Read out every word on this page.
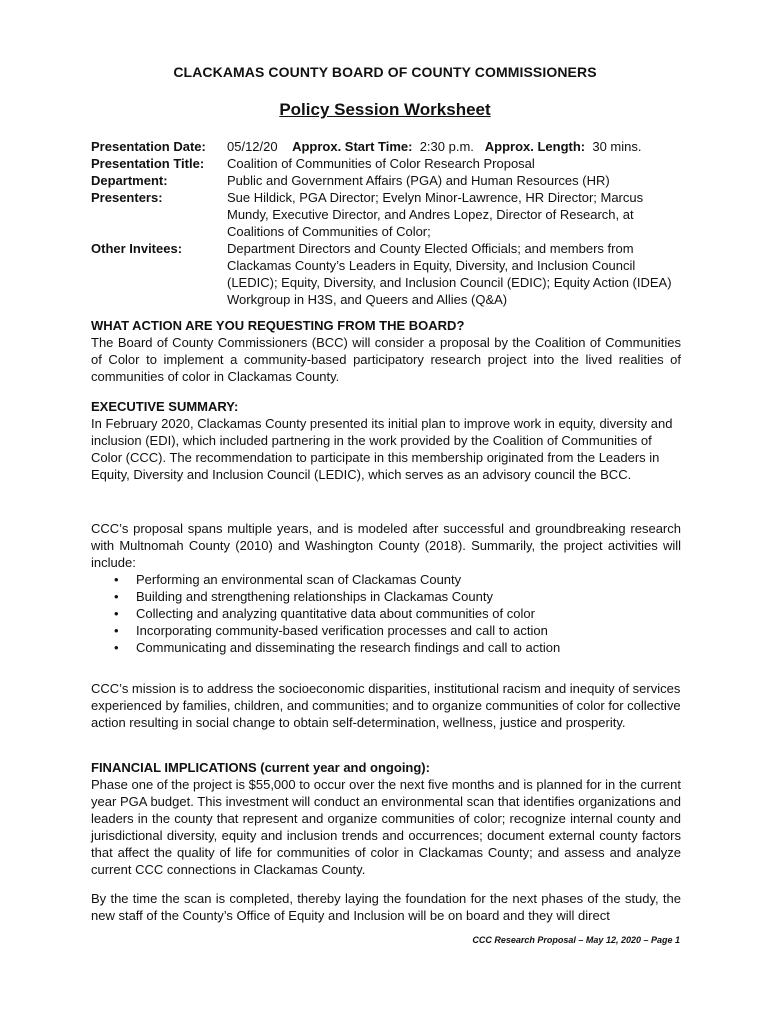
CLACKAMAS COUNTY BOARD OF COUNTY COMMISSIONERS
Policy Session Worksheet
Presentation Date: 05/12/20 Approx. Start Time: 2:30 p.m. Approx. Length: 30 mins.
Presentation Title: Coalition of Communities of Color Research Proposal
Department:	Public and Government Affairs (PGA) and Human Resources (HR)
Presenters:	Sue Hildick, PGA Director; Evelyn Minor-Lawrence, HR Director; Marcus Mundy, Executive Director, and Andres Lopez, Director of Research, at Coalitions of Communities of Color;
Other Invitees:	Department Directors and County Elected Officials; and members from Clackamas County’s Leaders in Equity, Diversity, and Inclusion Council (LEDIC); Equity, Diversity, and Inclusion Council (EDIC); Equity Action (IDEA) Workgroup in H3S, and Queers and Allies (Q&A)
WHAT ACTION ARE YOU REQUESTING FROM THE BOARD?
The Board of County Commissioners (BCC) will consider a proposal by the Coalition of Communities of Color to implement a community-based participatory research project into the lived realities of communities of color in Clackamas County.
EXECUTIVE SUMMARY:
In February 2020, Clackamas County presented its initial plan to improve work in equity, diversity and inclusion (EDI), which included partnering in the work provided by the Coalition of Communities of Color (CCC). The recommendation to participate in this membership originated from the Leaders in Equity, Diversity and Inclusion Council (LEDIC), which serves as an advisory council the BCC.
CCC’s proposal spans multiple years, and is modeled after successful and groundbreaking research with Multnomah County (2010) and Washington County (2018). Summarily, the project activities will include:
• Performing an environmental scan of Clackamas County
• Building and strengthening relationships in Clackamas County
• Collecting and analyzing quantitative data about communities of color
• Incorporating community-based verification processes and call to action
• Communicating and disseminating the research findings and call to action
CCC’s mission is to address the socioeconomic disparities, institutional racism and inequity of services experienced by families, children, and communities; and to organize communities of color for collective action resulting in social change to obtain self-determination, wellness, justice and prosperity.
FINANCIAL IMPLICATIONS (current year and ongoing):
Phase one of the project is $55,000 to occur over the next five months and is planned for in the current year PGA budget. This investment will conduct an environmental scan that identifies organizations and leaders in the county that represent and organize communities of color; recognize internal county and jurisdictional diversity, equity and inclusion trends and occurrences; document external county factors that affect the quality of life for communities of color in Clackamas County; and assess and analyze current CCC connections in Clackamas County.
By the time the scan is completed, thereby laying the foundation for the next phases of the study, the new staff of the County’s Office of Equity and Inclusion will be on board and they will direct
CCC Research Proposal – May 12, 2020 – Page 1
